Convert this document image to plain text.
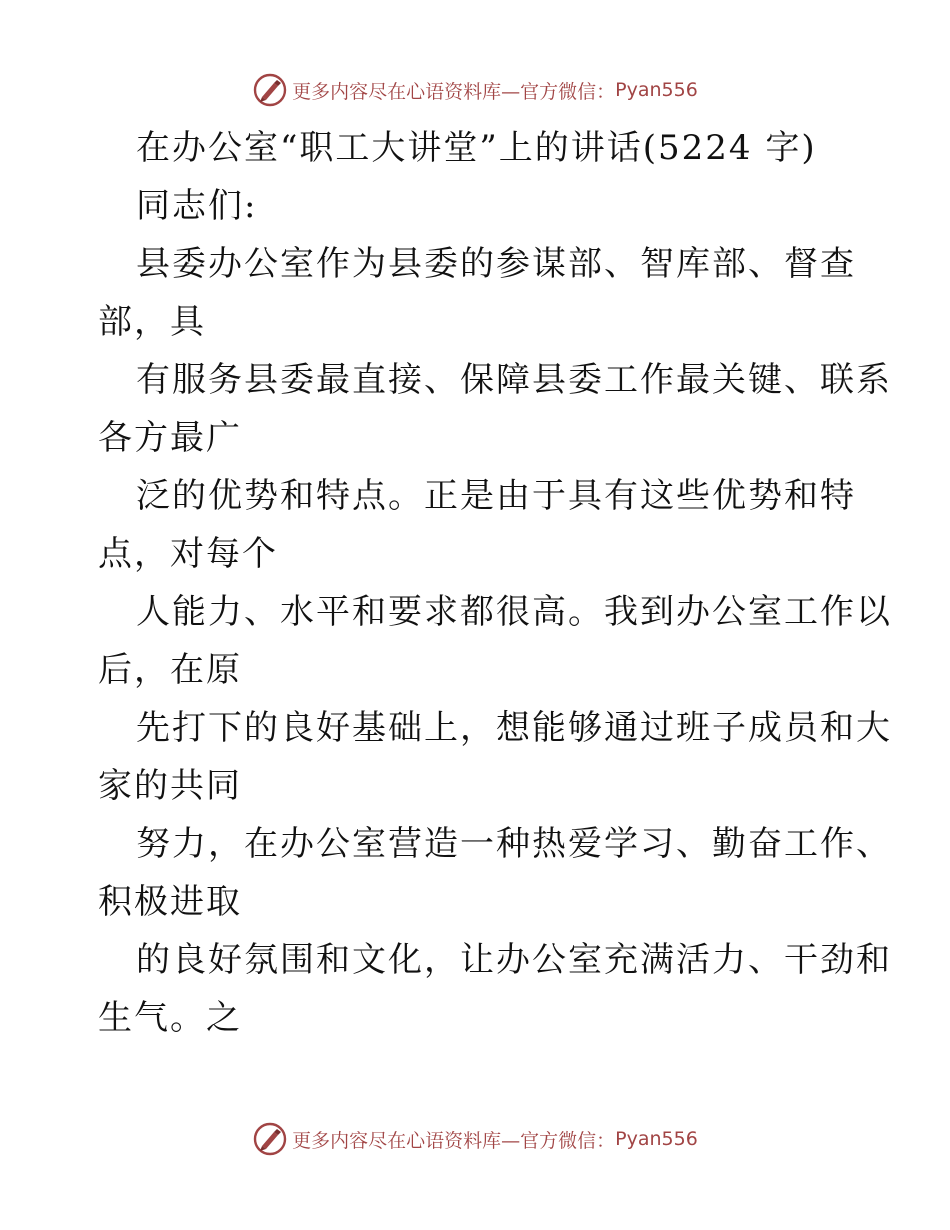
更多内容尽在心语资料库—官方微信： Pyan556
在办公室“职工大讲堂”上的讲话(5224 字)
同志们:
县委办公室作为县委的参谋部、智库部、督查
部，具
有服务县委最直接、保障县委工作最关键、联系
各方最广
泛的优势和特点。正是由于具有这些优势和特
点，对每个
人能力、水平和要求都很高。我到办公室工作以
后，在原
先打下的良好基础上，想能够通过班子成员和大
家的共同
努力，在办公室营造一种热爱学习、勤奋工作、
积极进取
的良好氛围和文化，让办公室充满活力、干劲和
生气。之
更多内容尽在心语资料库—官方微信： Pyan556
